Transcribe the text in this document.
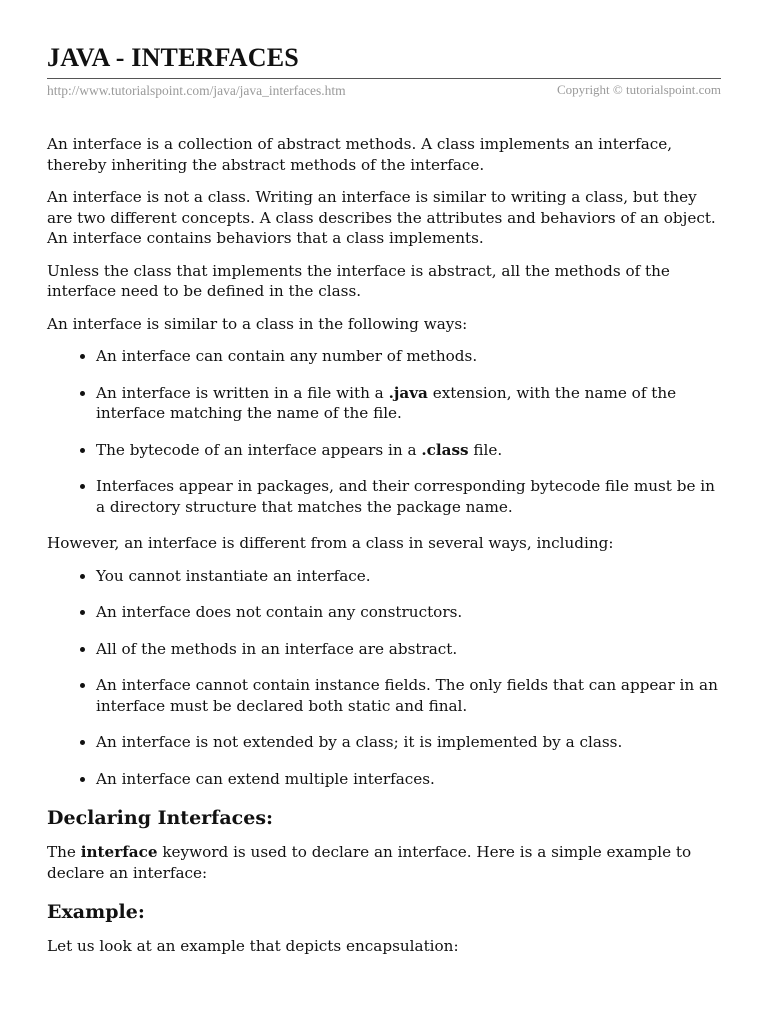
JAVA - INTERFACES
http://www.tutorialspoint.com/java/java_interfaces.htm	Copyright © tutorialspoint.com

An interface is a collection of abstract methods. A class implements an interface, thereby inheriting the abstract methods of the interface.

An interface is not a class. Writing an interface is similar to writing a class, but they are two different concepts. A class describes the attributes and behaviors of an object. An interface contains behaviors that a class implements.

Unless the class that implements the interface is abstract, all the methods of the interface need to be defined in the class.

An interface is similar to a class in the following ways:

• An interface can contain any number of methods.
• An interface is written in a file with a .java extension, with the name of the interface matching the name of the file.
• The bytecode of an interface appears in a .class file.
• Interfaces appear in packages, and their corresponding bytecode file must be in a directory structure that matches the package name.

However, an interface is different from a class in several ways, including:

• You cannot instantiate an interface.
• An interface does not contain any constructors.
• All of the methods in an interface are abstract.
• An interface cannot contain instance fields. The only fields that can appear in an interface must be declared both static and final.
• An interface is not extended by a class; it is implemented by a class.
• An interface can extend multiple interfaces.
Declaring Interfaces:

The interface keyword is used to declare an interface. Here is a simple example to declare an interface:

Example:

Let us look at an example that depicts encapsulation:
